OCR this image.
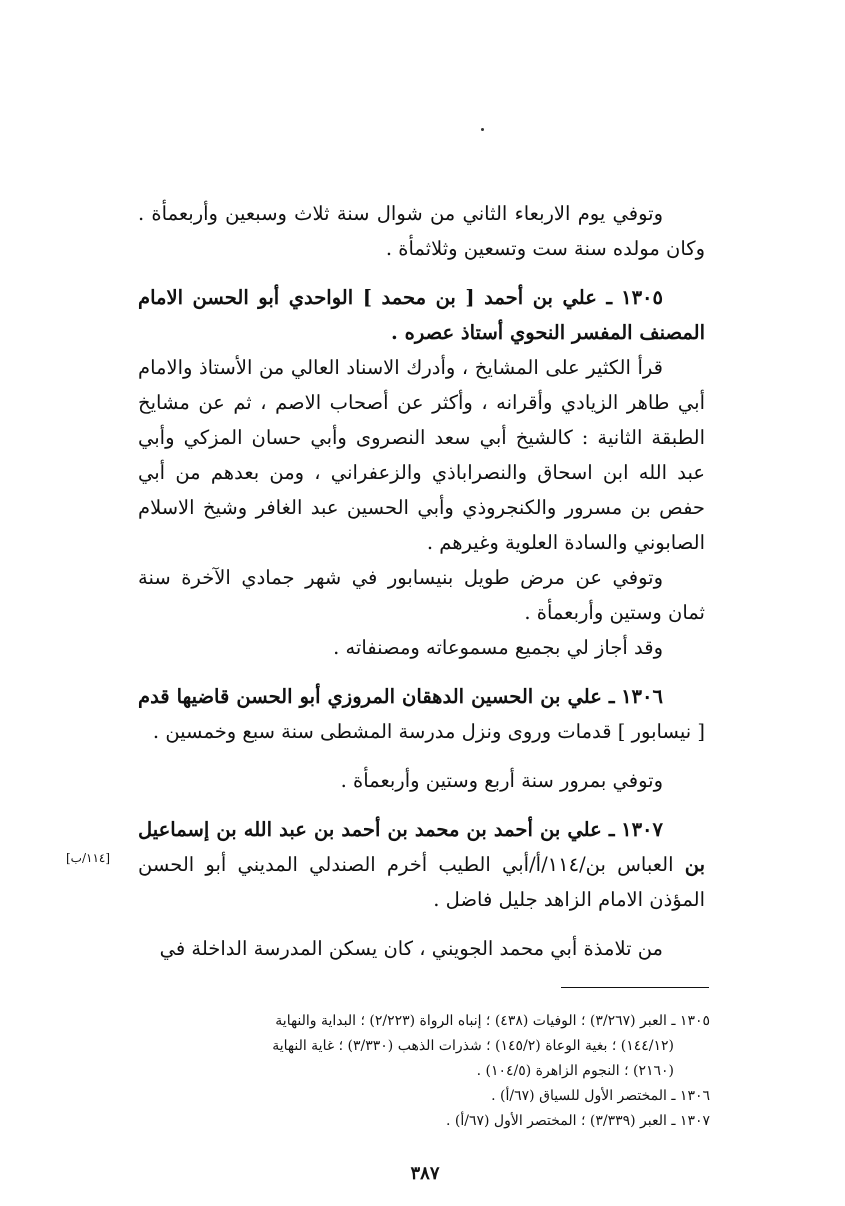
وتوفي يوم الاربعاء الثاني من شوال سنة ثلاث وسبعين وأربعمأة . وكان مولده سنة ست وتسعين وثلاثمأة .

١٣٠٥ ـ علي بن أحمد [ بن محمد ] الواحدي أبو الحسن الامام المصنف المفسر النحوي أستاذ عصره .

قرأ الكثير على المشايخ ، وأدرك الاسناد العالي من الأستاذ والامام أبي طاهر الزيادي وأقرانه ، وأكثر عن أصحاب الاصم ، ثم عن مشايخ الطبقة الثانية : كالشيخ أبي سعد النصروى وأبي حسان المزكي وأبي عبد الله ابن اسحاق والنصراباذي والزعفراني ، ومن بعدهم من أبي حفص بن مسرور والكنجروذي وأبي الحسين عبد الغافر وشيخ الاسلام الصابوني والسادة العلوية وغيرهم .

وتوفي عن مرض طويل بنيسابور في شهر جمادي الآخرة سنة ثمان وستين وأربعمأة .

وقد أجاز لي بجميع مسموعاته ومصنفاته .

١٣٠٦ ـ علي بن الحسين الدهقان المروزي أبو الحسن قاضيها قدم [ نيسابور ] قدمات وروى ونزل مدرسة المشطى سنة سبع وخمسين .

وتوفي بمرور سنة أربع وستين وأربعمأة .

١٣٠٧ ـ علي بن أحمد بن محمد بن أحمد بن عبد الله بن إسماعيل بن العباس بن/١١٤/أ/أبي الطيب أخرم الصندلي المديني أبو الحسن المؤذن الامام الزاهد جليل فاضل .

من تلامذة أبي محمد الجويني ، كان يسكن المدرسة الداخلة في

[١١٤/ب]

١٣٠٥ ـ العبر (٣/٢٦٧) ؛ الوفيات (٤٣٨) ؛ إنباه الرواة (٢/٢٢٣) ؛ البداية والنهاية

(١٤٤/١٢) ؛ بغية الوعاة (١٤٥/٢) ؛ شذرات الذهب (٣/٣٣٠) ؛ غاية النهاية

(٢١٦٠) ؛ النجوم الزاهرة (١٠٤/٥) .

١٣٠٦ ـ المختصر الأول للسياق (٦٧/أ) .

١٣٠٧ ـ العبر (٣/٣٣٩) ؛ المختصر الأول (٦٧/أ) .

٣٨٧
